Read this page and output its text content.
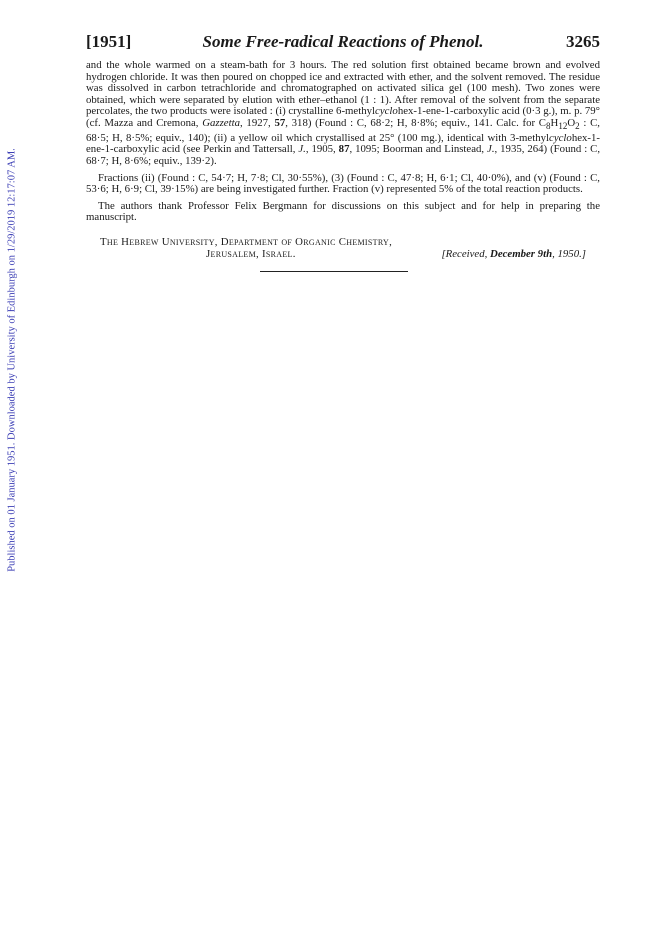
Published on 01 January 1951. Downloaded by University of Edinburgh on 1/29/2019 12:17:07 AM.
[1951]	Some Free-radical Reactions of Phenol.	3265

and the whole warmed on a steam-bath for 3 hours. The red solution first obtained became brown and evolved hydrogen chloride. It was then poured on chopped ice and extracted with ether, and the solvent removed. The residue was dissolved in carbon tetrachloride and chromatographed on activated silica gel (100 mesh). Two zones were obtained, which were separated by elution with ether–ethanol (1 : 1). After removal of the solvent from the separate percolates, the two products were isolated : (i) crystalline 6-methylcyclohex-1-ene-1-carboxylic acid (0·3 g.), m. p. 79° (cf. Mazza and Cremona, Gazzetta, 1927, 57, 318) (Found : C, 68·2; H, 8·8%; equiv., 141. Calc. for $C_8H_{12}O_2$ : C, 68·5; H, 8·5%; equiv., 140); (ii) a yellow oil which crystallised at 25° (100 mg.), identical with 3-methylcyclohex-1-ene-1-carboxylic acid (see Perkin and Tattersall, J., 1905, 87, 1095; Boorman and Linstead, J., 1935, 264) (Found : C, 68·7; H, 8·6%; equiv., 139·2).

Fractions (ii) (Found : C, 54·7; H, 7·8; Cl, 30·55%), (3) (Found : C, 47·8; H, 6·1; Cl, 40·0%), and (v) (Found : C, 53·6; H, 6·9; Cl, 39·15%) are being investigated further. Fraction (v) represented 5% of the total reaction products.

The authors thank Professor Felix Bergmann for discussions on this subject and for help in preparing the manuscript.

The Hebrew University, Department of Organic Chemistry,
Jerusalem, Israel.	[Received, December 9th, 1950.]
